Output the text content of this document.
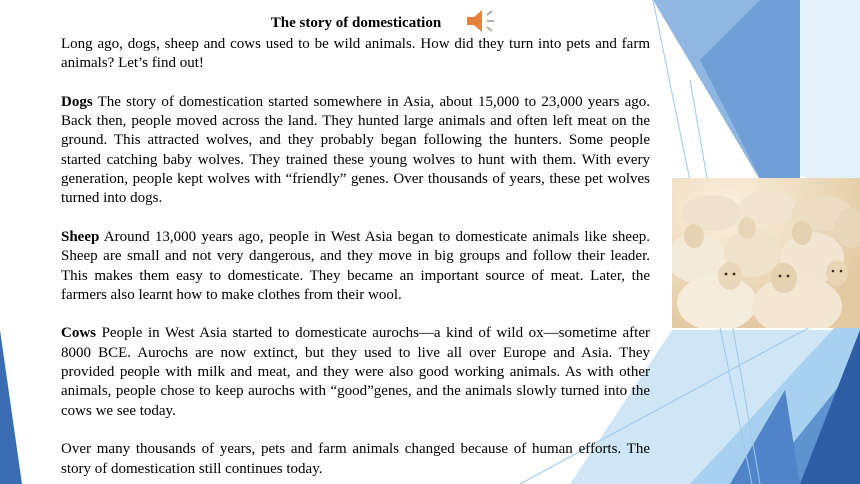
The story of domestication

Long ago, dogs, sheep and cows used to be wild animals. How did they turn into pets and farm animals? Let’s find out!

Dogs The story of domestication started somewhere in Asia, about 15,000 to 23,000 years ago. Back then, people moved across the land. They hunted large animals and often left meat on the ground. This attracted wolves, and they probably began following the hunters. Some people started catching baby wolves. They trained these young wolves to hunt with them. With every generation, people kept wolves with “friendly” genes. Over thousands of years, these pet wolves turned into dogs.

Sheep Around 13,000 years ago, people in West Asia began to domesticate animals like sheep. Sheep are small and not very dangerous, and they move in big groups and follow their leader. This makes them easy to domesticate. They became an important source of meat. Later, the farmers also learnt how to make clothes from their wool.

Cows People in West Asia started to domesticate aurochs—a kind of wild ox—sometime after 8000 BCE. Aurochs are now extinct, but they used to live all over Europe and Asia. They provided people with milk and meat, and they were also good working animals. As with other animals, people chose to keep aurochs with “good”genes, and the animals slowly turned into the cows we see today.

Over many thousands of years, pets and farm animals changed because of human efforts. The story of domestication still continues today.
